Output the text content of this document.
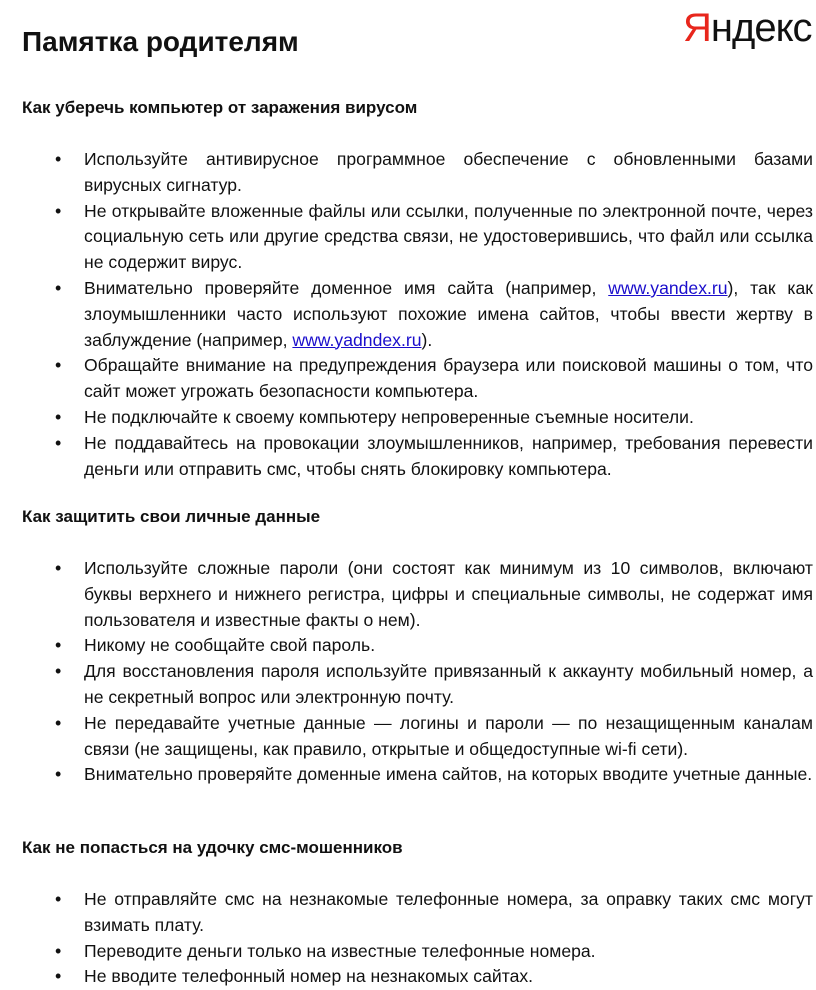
Яндекс
Памятка родителям
Как уберечь компьютер от заражения вирусом
• Используйте антивирусное программное обеспечение с обновленными базами вирусных сигнатур.
• Не открывайте вложенные файлы или ссылки, полученные по электронной почте, через социальную сеть или другие средства связи, не удостоверившись, что файл или ссылка не содержит вирус.
• Внимательно проверяйте доменное имя сайта (например, www.yandex.ru), так как злоумышленники часто используют похожие имена сайтов, чтобы ввести жертву в заблуждение (например, www.yadndex.ru).
• Обращайте внимание на предупреждения браузера или поисковой машины о том, что сайт может угрожать безопасности компьютера.
• Не подключайте к своему компьютеру непроверенные съемные носители.
• Не поддавайтесь на провокации злоумышленников, например, требования перевести деньги или отправить смс, чтобы снять блокировку компьютера.
Как защитить свои личные данные
• Используйте сложные пароли (они состоят как минимум из 10 символов, включают буквы верхнего и нижнего регистра, цифры и специальные символы, не содержат имя пользователя и известные факты о нем).
• Никому не сообщайте свой пароль.
• Для восстановления пароля используйте привязанный к аккаунту мобильный номер, а не секретный вопрос или электронную почту.
• Не передавайте учетные данные — логины и пароли — по незащищенным каналам связи (не защищены, как правило, открытые и общедоступные wi-fi сети).
• Внимательно проверяйте доменные имена сайтов, на которых вводите учетные данные.
Как не попасться на удочку смс-мошенников
• Не отправляйте смс на незнакомые телефонные номера, за оправку таких смс могут взимать плату.
• Переводите деньги только на известные телефонные номера.
• Не вводите телефонный номер на незнакомых сайтах.
